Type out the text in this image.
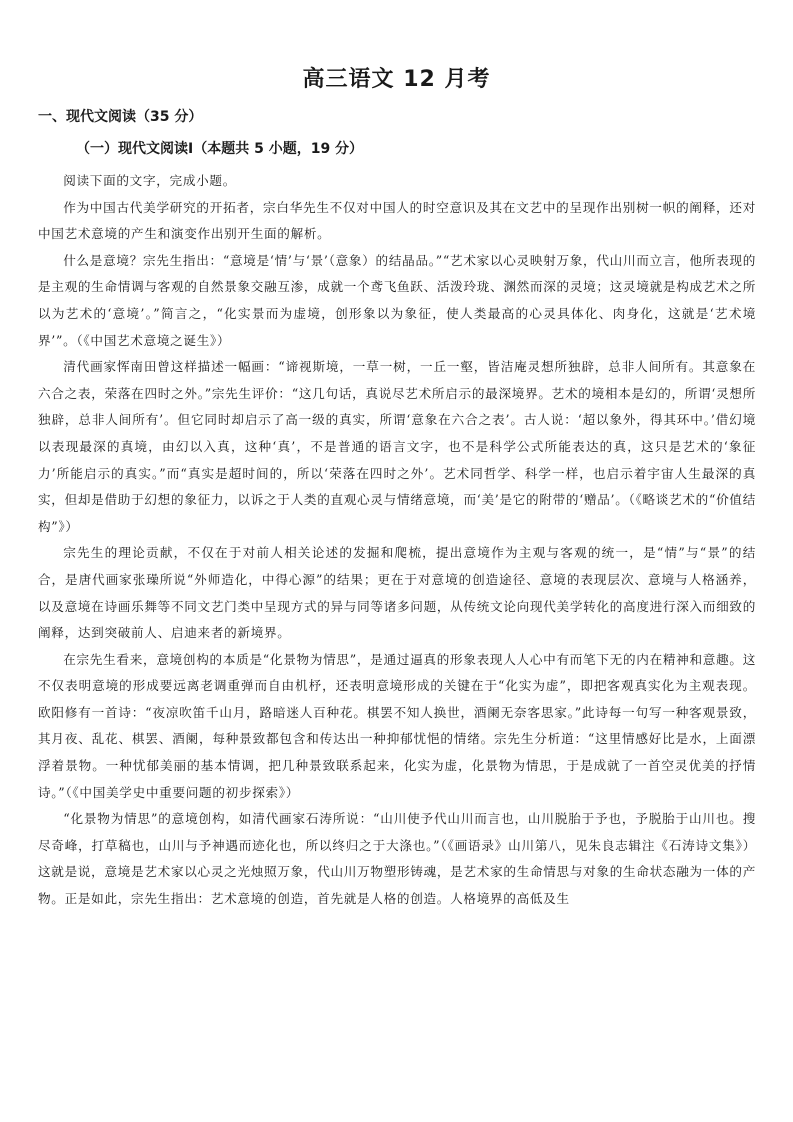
高三语文 12 月考
一、现代文阅读（35 分）
（一）现代文阅读Ⅰ（本题共 5 小题，19 分）

阅读下面的文字，完成小题。

作为中国古代美学研究的开拓者，宗白华先生不仅对中国人的时空意识及其在文艺中的呈现作出别树一帜的阐释，还对中国艺术意境的产生和演变作出别开生面的解析。

什么是意境？宗先生指出：“意境是‘情’与‘景’（意象）的结晶品。”“艺术家以心灵映射万象，代山川而立言，他所表现的是主观的生命情调与客观的自然景象交融互渗，成就一个鸢飞鱼跃、活泼玲珑、渊然而深的灵境；这灵境就是构成艺术之所以为艺术的‘意境’。”简言之，“化实景而为虚境，创形象以为象征，使人类最高的心灵具体化、肉身化，这就是‘艺术境界’”。（《中国艺术意境之诞生》）

清代画家恽南田曾这样描述一幅画：“谛视斯境，一草一树，一丘一壑，皆洁庵灵想所独辟，总非人间所有。其意象在六合之表，荣落在四时之外。”宗先生评价：“这几句话，真说尽艺术所启示的最深境界。艺术的境相本是幻的，所谓‘灵想所独辟，总非人间所有’。但它同时却启示了高一级的真实，所谓‘意象在六合之表’。古人说：‘超以象外，得其环中。’借幻境以表现最深的真境，由幻以入真，这种‘真’，不是普通的语言文字，也不是科学公式所能表达的真，这只是艺术的‘象征力’所能启示的真实。”而“真实是超时间的，所以‘荣落在四时之外’。艺术同哲学、科学一样，也启示着宇宙人生最深的真实，但却是借助于幻想的象征力，以诉之于人类的直观心灵与情绪意境，而‘美’是它的附带的‘赠品’。（《略谈艺术的“价值结构”》）

宗先生的理论贡献，不仅在于对前人相关论述的发掘和爬梳，提出意境作为主观与客观的统一，是“情”与“景”的结合，是唐代画家张璪所说“外师造化，中得心源”的结果；更在于对意境的创造途径、意境的表现层次、意境与人格涵养，以及意境在诗画乐舞等不同文艺门类中呈现方式的异与同等诸多问题，从传统文论向现代美学转化的高度进行深入而细致的阐释，达到突破前人、启迪来者的新境界。

在宗先生看来，意境创构的本质是“化景物为情思”，是通过逼真的形象表现人人心中有而笔下无的内在精神和意趣。这不仅表明意境的形成要远离老调重弹而自由机杼，还表明意境形成的关键在于“化实为虚”，即把客观真实化为主观表现。欧阳修有一首诗：“夜凉吹笛千山月，路暗迷人百种花。棋罢不知人换世，酒阑无奈客思家。”此诗每一句写一种客观景致，其月夜、乱花、棋罢、酒阑，每种景致都包含和传达出一种抑郁忧悒的情绪。宗先生分析道：“这里情感好比是水，上面漂浮着景物。一种忧郁美丽的基本情调，把几种景致联系起来，化实为虚，化景物为情思，于是成就了一首空灵优美的抒情诗。”（《中国美学史中重要问题的初步探索》）

“化景物为情思”的意境创构，如清代画家石涛所说：“山川使予代山川而言也，山川脱胎于予也，予脱胎于山川也。搜尽奇峰，打草稿也，山川与予神遇而迹化也，所以终归之于大涤也。”（《画语录》山川第八，见朱良志辑注《石涛诗文集》）这就是说，意境是艺术家以心灵之光烛照万象，代山川万物塑形铸魂，是艺术家的生命情思与对象的生命状态融为一体的产物。正是如此，宗先生指出：艺术意境的创造，首先就是人格的创造。人格境界的高低及生
